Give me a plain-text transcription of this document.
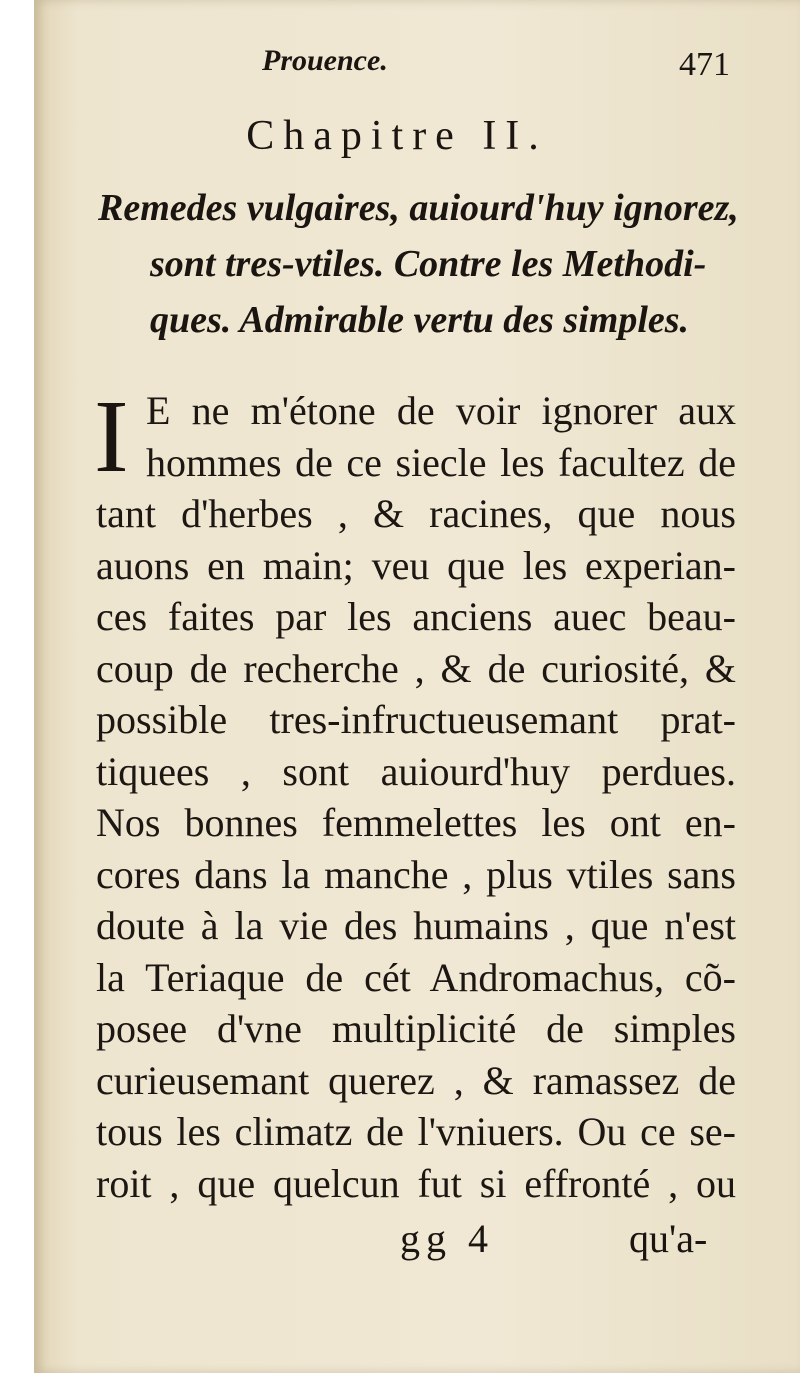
Prouence.	471
Chapitre II.
Remedes vulgaires, auiourd'huy ignorez,
sont tres-vtiles. Contre les Methodi-
ques. Admirable vertu des simples.
I E ne m'étone de voir ignorer aux
hommes de ce siecle les facultez de
tant d'herbes , & racines, que nous
auons en main; veu que les experian-
ces faites par les anciens auec beau-
coup de recherche , & de curiosité, &
possible tres-infructueusemant prat-
tiquees , sont auiourd'huy perdues.
Nos bonnes femmelettes les ont en-
cores dans la manche , plus vtiles sans
doute à la vie des humains , que n'est
la Teriaque de cét Andromachus, cõ-
posee d'vne multiplicité de simples
curieusemant querez , & ramassez de
tous les climatz de l'vniuers. Ou ce se-
roit , que quelcun fut si effronté , ou
gg 4	qu'a-
